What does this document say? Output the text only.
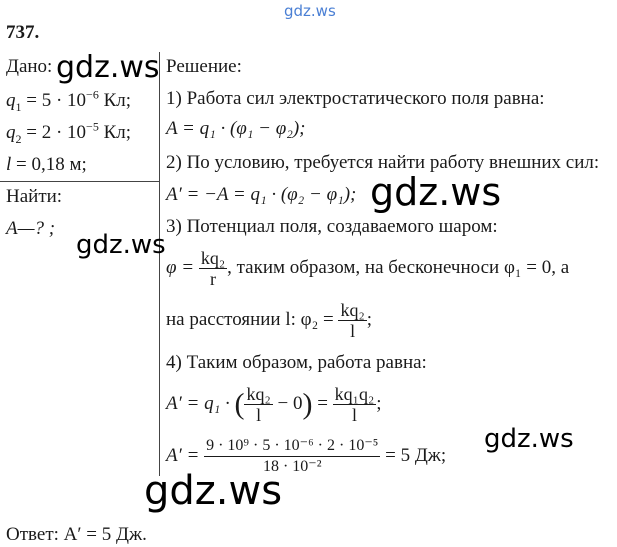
gdz.ws
737.
Дано:
$q_1 = 5 \cdot 10^{-6}$ Кл;
$q_2 = 2 \cdot 10^{-5}$ Кл;
l = 0,18 м;
Найти:
A—? ;
Решение:
1) Работа сил электростатического поля равна:
A = q₁ · (φ₁ − φ₂);
2) По условию, требуется найти работу внешних сил:
A′ = −A = q₁ · (φ₂ − φ₁);
3) Потенциал поля, создаваемого шаром:
$\varphi = \frac{\text{kq₂}}{r}$ , таким образом, на бесконечноси φ₁ = 0, а
на расстоянии l: $\varphi_2 = \frac{\text{kq₂}}{l}$ ;
4) Таким образом, работа равна:
A′ = q₁ · ( $\frac{\text{kq₂}}{l} - 0) = \frac{\text{kq₁q₂}}{l}$ ;
$A' = \frac{\text{9 · 10⁹ · 5 · 10⁻⁶ · 2 · 10⁻⁵}}{\text{18 · 10⁻²}} = 5$ Дж;
Ответ: A′ = 5 Дж.
gdz.ws
gdz.ws
gdz.ws
gdz.ws
gdz.ws
